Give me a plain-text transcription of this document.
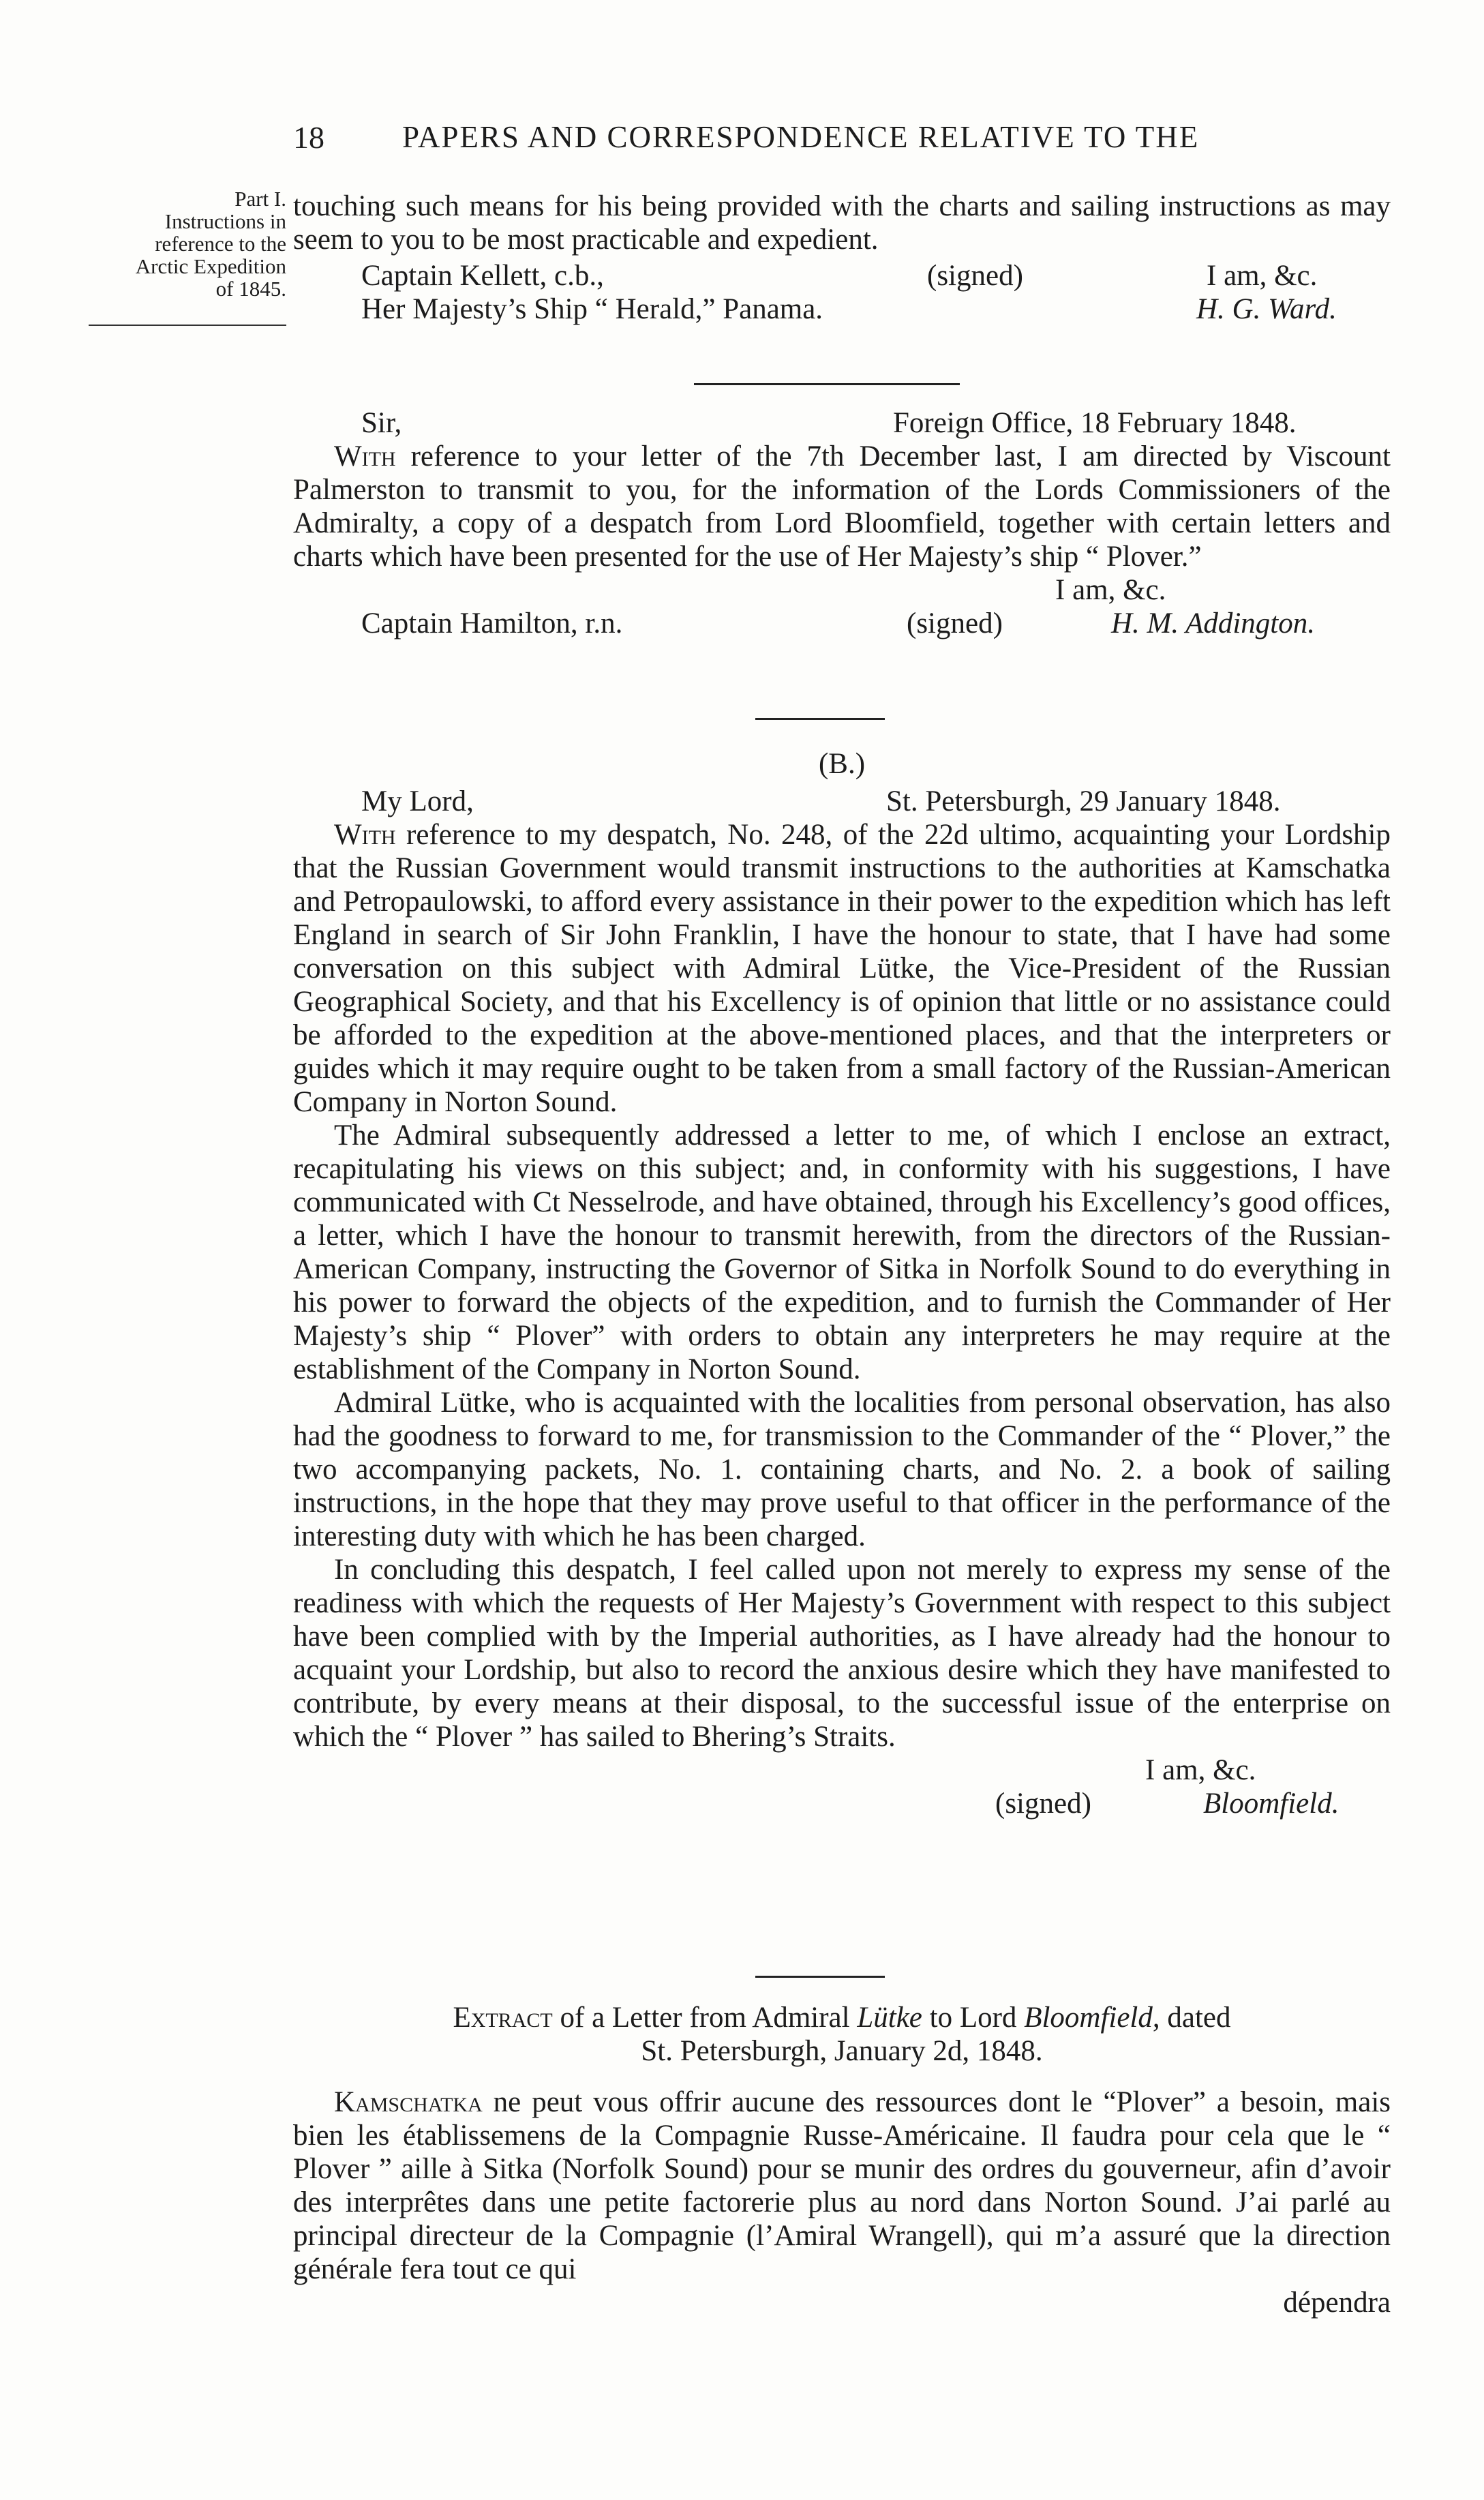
18	PAPERS AND CORRESPONDENCE RELATIVE TO THE
Part I.
Instructions in
reference to the
Arctic Expedition
of 1845.

touching such means for his being provided with the charts and sailing instructions as may seem to you to be most practicable and expedient.

Captain Kellett, c.b.,	(signed)	I am, &c.
Her Majesty’s Ship “ Herald,” Panama.	H. G. Ward.
Sir,	Foreign Office, 18 February 1848.

With reference to your letter of the 7th December last, I am directed by Viscount Palmerston to transmit to you, for the information of the Lords Commissioners of the Admiralty, a copy of a despatch from Lord Bloomfield, together with certain letters and charts which have been presented for the use of Her Majesty’s ship “ Plover.”

I am, &c.
Captain Hamilton, r.n.	(signed)	H. M. Addington.
(B.)
My Lord,	St. Petersburgh, 29 January 1848.

With reference to my despatch, No. 248, of the 22d ultimo, acquainting your Lordship that the Russian Government would transmit instructions to the authorities at Kamschatka and Petropaulowski, to afford every assistance in their power to the expedition which has left England in search of Sir John Franklin, I have the honour to state, that I have had some conversation on this subject with Admiral Lütke, the Vice-President of the Russian Geographical Society, and that his Excellency is of opinion that little or no assistance could be afforded to the expedition at the above-mentioned places, and that the interpreters or guides which it may require ought to be taken from a small factory of the Russian-American Company in Norton Sound.

The Admiral subsequently addressed a letter to me, of which I enclose an extract, recapitulating his views on this subject; and, in conformity with his suggestions, I have communicated with Ct Nesselrode, and have obtained, through his Excellency’s good offices, a letter, which I have the honour to transmit herewith, from the directors of the Russian-American Company, instructing the Governor of Sitka in Norfolk Sound to do everything in his power to forward the objects of the expedition, and to furnish the Commander of Her Majesty’s ship “ Plover” with orders to obtain any interpreters he may require at the establishment of the Company in Norton Sound.

Admiral Lütke, who is acquainted with the localities from personal observation, has also had the goodness to forward to me, for transmission to the Commander of the “ Plover,” the two accompanying packets, No. 1. containing charts, and No. 2. a book of sailing instructions, in the hope that they may prove useful to that officer in the performance of the interesting duty with which he has been charged.

In concluding this despatch, I feel called upon not merely to express my sense of the readiness with which the requests of Her Majesty’s Government with respect to this subject have been complied with by the Imperial authorities, as I have already had the honour to acquaint your Lordship, but also to record the anxious desire which they have manifested to contribute, by every means at their disposal, to the successful issue of the enterprise on which the “ Plover ” has sailed to Bhering’s Straits.

I am, &c.
(signed)	Bloomfield.
Extract of a Letter from Admiral Lütke to Lord Bloomfield, dated
St. Petersburgh, January 2d, 1848.

Kamschatka ne peut vous offrir aucune des ressources dont le “Plover” a besoin, mais bien les établissemens de la Compagnie Russe-Américaine. Il faudra pour cela que le “ Plover ” aille à Sitka (Norfolk Sound) pour se munir des ordres du gouverneur, afin d’avoir des interprêtes dans une petite factorerie plus au nord dans Norton Sound. J’ai parlé au principal directeur de la Compagnie (l’Amiral Wrangell), qui m’a assuré que la direction générale fera tout ce qui

dépendra
